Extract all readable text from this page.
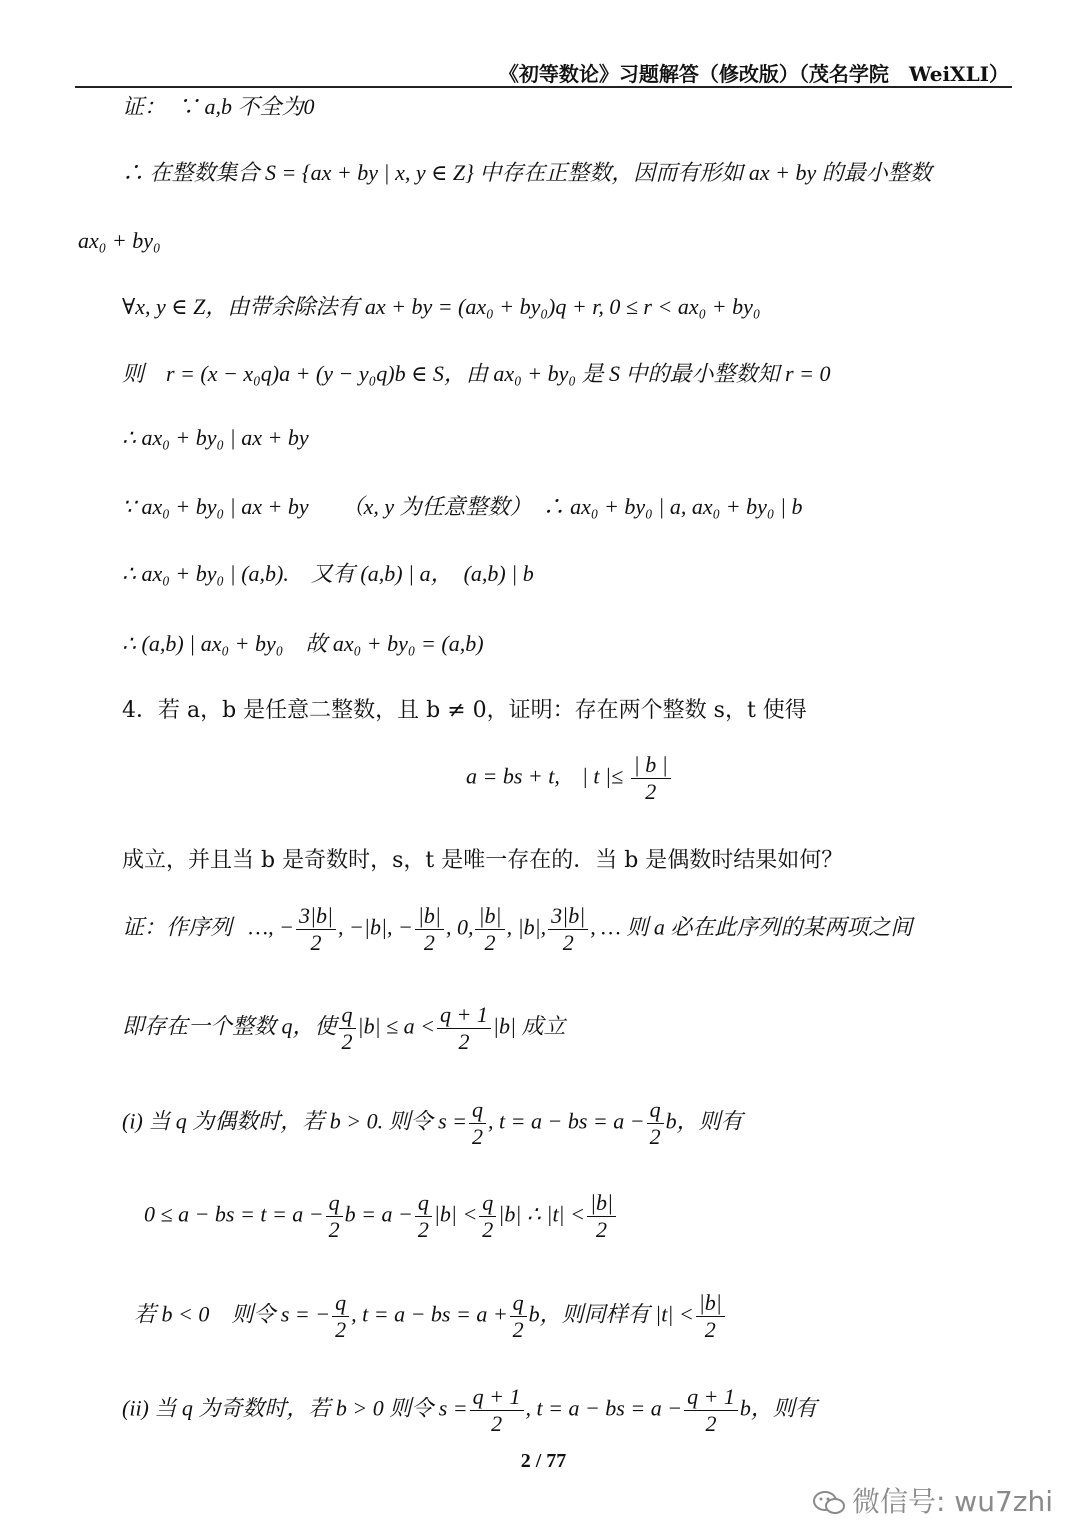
《初等数论》习题解答（修改版）（茂名学院　WeiXLI）
证：　∵ a,b 不全为0
∴ 在整数集合 S = {ax + by | x, y ∈ Z} 中存在正整数，因而有形如 ax + by 的最小整数
ax₀ + by₀
∀x, y ∈ Z，由带余除法有 ax + by = (ax₀ + by₀)q + r, 0 ≤ r < ax₀ + by₀
则　r = (x − x₀q)a + (y − y₀q)b ∈ S，由 ax₀ + by₀ 是 S 中的最小整数知 r = 0
∴ ax₀ + by₀ | ax + by
∵ ax₀ + by₀ | ax + by　　（x, y 为任意整数）　∴ ax₀ + by₀ | a, ax₀ + by₀ | b
∴ ax₀ + by₀ | (a,b).　又有 (a,b) | a，　(a,b) | b
∴ (a,b) | ax₀ + by₀　故 ax₀ + by₀ = (a,b)
4．若 a，b 是任意二整数，且 b ≠ 0，证明：存在两个整数 s，t 使得
a = bs + t,　| t |≤ $\frac{| b |}{2}$
成立，并且当 b 是奇数时，s，t 是唯一存在的．当 b 是偶数时结果如何？
证：作序列 …, − $\frac{3|b|}{2}$ , −|b|, − $\frac{|b|}{2}$ , 0, $\frac{|b|}{2}$ , |b|, $\frac{3|b|}{2}$ , … 则 a 必在此序列的某两项之间
即存在一个整数 q，使 $\frac{q}{2} |b| \le a < \frac{q + 1}{2} |b|$ 成立
(i) 当 q 为偶数时，若 b > 0. 则令 $s = \frac{q}{2}$ , t = a − bs = $a - \frac{q}{2}$ b，则有
0 ≤ a − bs = $t = a - \frac{q}{2}$ $b = a - \frac{q}{2} |b| < \frac{q}{2} |b|$ ∴ $|t| < \frac{|b|}{2}$
若 b < 0　则令 s = − $\frac{q}{2}$ , t = a − bs = $a + \frac{q}{2}$ b，则同样有 $|t| < \frac{|b|}{2}$
(ii) 当 q 为奇数时，若 b > 0 则令 $s = \frac{q + 1}{2}$ , t = a − bs = $a - \frac{q + 1}{2}$ b，则有
2 / 77
微信号: wu7zhi
